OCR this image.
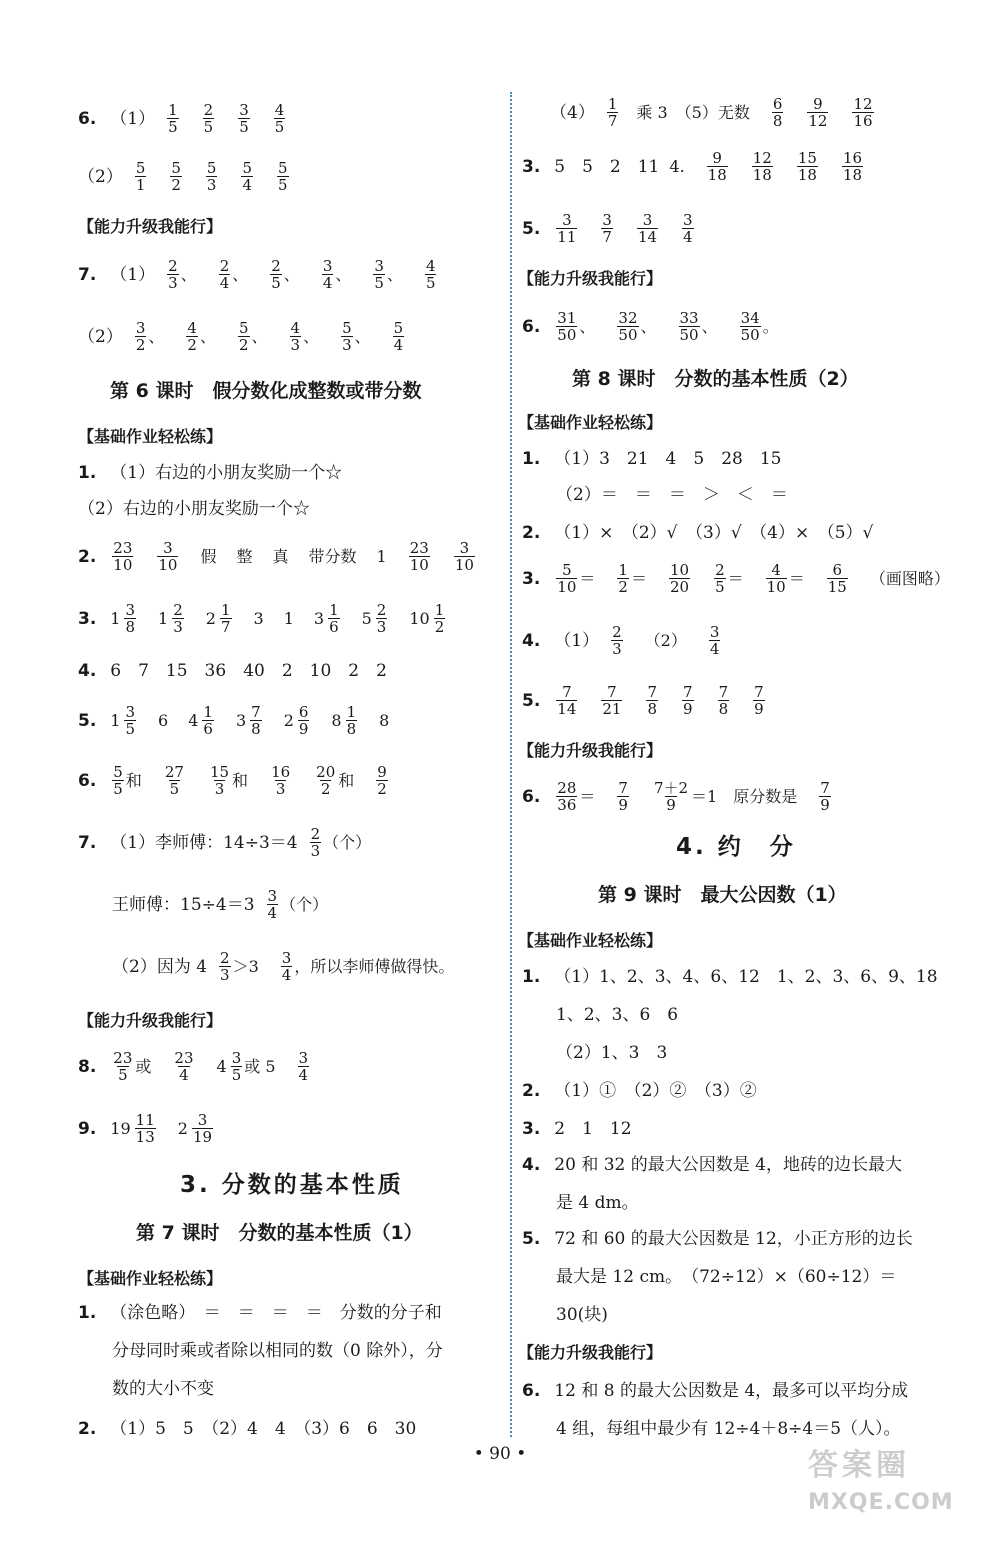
6. $(1) \frac{1}{5} \frac{2}{5} \frac{3}{5} \frac{4}{5}$
$(2) \frac{5}{1} \frac{5}{2} \frac{5}{3} \frac{5}{4} \frac{5}{5}$
【能力升级我能行】
7. $(1) \frac{2}{3}$ 、 $\frac{2}{4}$ 、 $\frac{2}{5}$ 、 $\frac{3}{4}$ 、 $\frac{3}{5}$ 、 $\frac{4}{5}$
$(2) \frac{3}{2}$ 、 $\frac{4}{2}$ 、 $\frac{5}{2}$ 、 $\frac{4}{3}$ 、 $\frac{5}{3}$ 、 $\frac{5}{4}$
第 6 课时　假分数化成整数或带分数
【基础作业轻松练】
1. （1）右边的小朋友奖励一个☆
（2）右边的小朋友奖励一个☆
2. $\frac{23}{10} \frac{3}{10}$ 假 整 真 带分数 $1 \frac{23}{10} \frac{3}{10}$
3. $1 \frac{3}{8} 1 \frac{2}{3} 2 \frac{1}{7} 3$ 1 $3 \frac{1}{6} 5 \frac{2}{3} 10 \frac{1}{2}$
4. 6　7　15　36　40　2　10　2　2
5. $1 \frac{3}{5} 6$ $4 \frac{1}{6} 3 \frac{7}{8} 2 \frac{6}{9} 8 \frac{1}{8} 8$
6. $\frac{5}{5}$ 和 $\frac{27}{5} \frac{15}{3}$ 和 $\frac{16}{3} \frac{20}{2}$ 和 $\frac{9}{2}$
7. （1）李师傅：$14\div 3=4 \frac{2}{3}$ （个）
王师傅：$15\div 4=3 \frac{3}{4}$ （个）
（2）因为 $4 \frac{2}{3} >3 \frac{3}{4}$ ，所以李师傅做得快。
【能力升级我能行】
8. $\frac{23}{5}$ 或 $\frac{23}{4} 4 \frac{3}{5}$ 或 $5 \frac{3}{4}$
9. $19 \frac{11}{13} 2 \frac{3}{19}$
3. 分数的基本性质
第 7 课时　分数的基本性质（1）
【基础作业轻松练】
1. （涂色略）　＝　＝　＝　＝　分数的分子和
分母同时乘或者除以相同的数（0 除外），分
数的大小不变
2. （1）5　5　（2）4　4　（3）6　6　30
$(4) \frac{1}{7}$ 　乘 3　（5）无数 $\frac{6}{8} \frac{9}{12} \frac{12}{16}$
3. 5　5　2　11 4. $\frac{9}{18} \frac{12}{18} \frac{15}{18} \frac{16}{18}$
5. $\frac{3}{11} \frac{3}{7} \frac{3}{14} \frac{3}{4}$
【能力升级我能行】
6. $\frac{31}{50}$ 、 $\frac{32}{50}$ 、 $\frac{33}{50}$ 、 $\frac{34}{50}$ 。
第 8 课时　分数的基本性质（2）
【基础作业轻松练】
1. （1）3　21　4　5　28　15
（2）＝　＝　＝　＞　＜　＝
2. （1）×　（2）√　（3）√　（4）×　（5）√
3. $\frac{5}{10} = \frac{1}{2} = \frac{10}{20} \frac{2}{5} = \frac{4}{10} = \frac{6}{15}$ （画图略）
4. $(1) \frac{2}{3} (2) \frac{3}{4}$
5. $\frac{7}{14} \frac{7}{21} \frac{7}{8} \frac{7}{9} \frac{7}{8} \frac{7}{9}$
【能力升级我能行】
6. $\frac{28}{36} = \frac{7}{9} \frac{7+2}{9} =1$　原分数是 $\frac{7}{9}$
4. 约　分
第 9 课时　最大公因数（1）
【基础作业轻松练】
1. （1）1、2、3、4、6、12　1、2、3、6、9、18
1、2、3、6　6
（2）1、3　3
2. （1）①　（2）②　（3）②
3. 2　1　12
4. 20 和 32 的最大公因数是 4，地砖的边长最大
是 4 dm。
5. 72 和 60 的最大公因数是 12，小正方形的边长
最大是 12 cm。　（72÷12）×（60÷12）＝
30(块)
【能力升级我能行】
6. 12 和 8 的最大公因数是 4，最多可以平均分成
4 组，每组中最少有 12÷4＋8÷4＝5（人）。
• 90 •	答案圈
MXQE.COM
